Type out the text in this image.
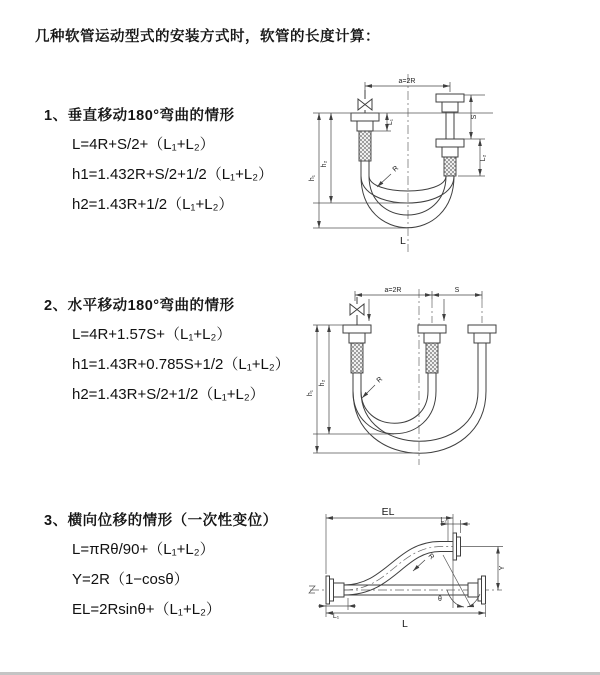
几种软管运动型式的安装方式时，软管的长度计算：
1、垂直移动180°弯曲的情形

L=4R+S/2+（L₁+L₂）

h1=1.432R+S/2+1/2（L₁+L₂）

h2=1.43R+1/2（L₁+L₂）

a=2R
h₁
h₂
S
L₂
L₁
R
L
2、水平移动180°弯曲的情形

L=4R+1.57S+（L₁+L₂）

h1=1.43R+0.785S+1/2（L₁+L₂）

h2=1.43R+S/2+1/2（L₁+L₂）

a=2R	S
h₁
h₂	R
3、横向位移的情形（一次性变位）

L=πRθ/90+（L₁+L₂）

Y=2R（1−cosθ）

EL=2Rsinθ+（L₁+L₂）

EL
L₂
Y
L₁
L
θ
R
